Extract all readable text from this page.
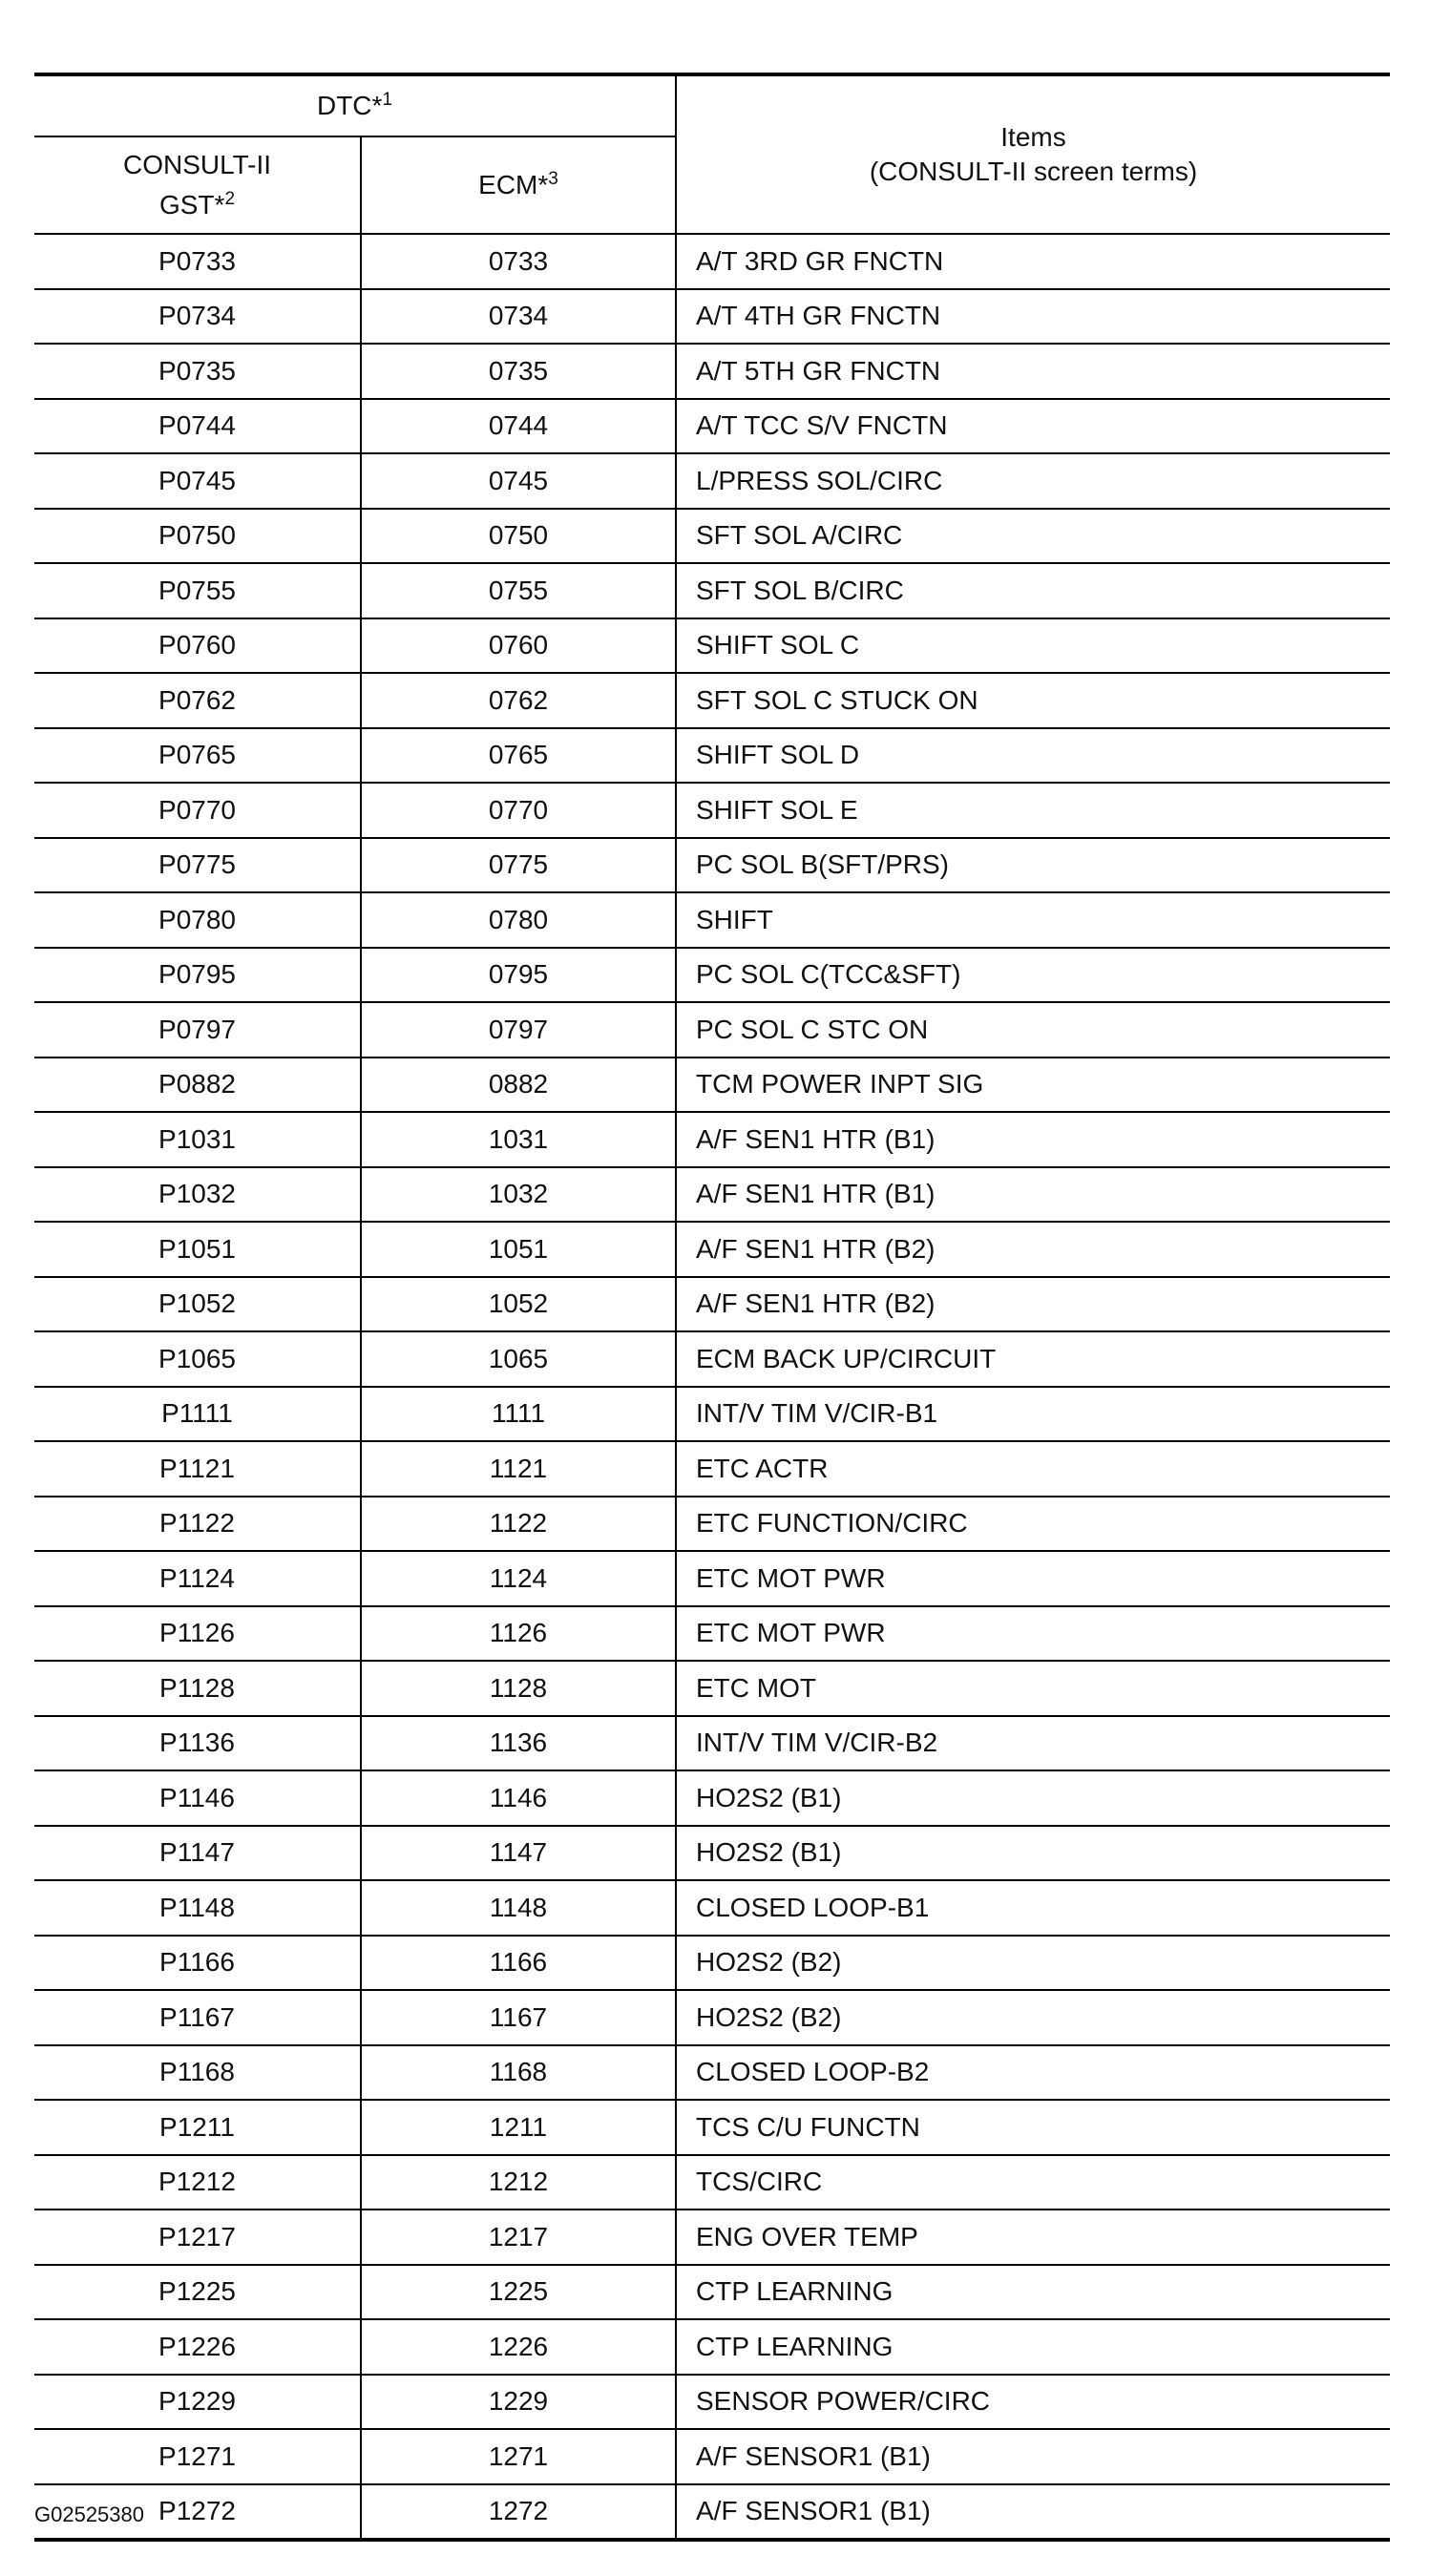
DTC*$^1$		Items
(CONSULT-II screen terms)

CONSULT-II
GST*$^2$	ECM*$^3$
P0733	0733	A/T 3RD GR FNCTN
P0734	0734	A/T 4TH GR FNCTN
P0735	0735	A/T 5TH GR FNCTN
P0744	0744	A/T TCC S/V FNCTN
P0745	0745	L/PRESS SOL/CIRC
P0750	0750	SFT SOL A/CIRC
P0755	0755	SFT SOL B/CIRC
P0760	0760	SHIFT SOL C
P0762	0762	SFT SOL C STUCK ON
P0765	0765	SHIFT SOL D
P0770	0770	SHIFT SOL E
P0775	0775	PC SOL B(SFT/PRS)
P0780	0780	SHIFT
P0795	0795	PC SOL C(TCC&SFT)
P0797	0797	PC SOL C STC ON
P0882	0882	TCM POWER INPT SIG
P1031	1031	A/F SEN1 HTR (B1)
P1032	1032	A/F SEN1 HTR (B1)
P1051	1051	A/F SEN1 HTR (B2)
P1052	1052	A/F SEN1 HTR (B2)
P1065	1065	ECM BACK UP/CIRCUIT
P1111	1111	INT/V TIM V/CIR-B1
P1121	1121	ETC ACTR
P1122	1122	ETC FUNCTION/CIRC
P1124	1124	ETC MOT PWR
P1126	1126	ETC MOT PWR
P1128	1128	ETC MOT
P1136	1136	INT/V TIM V/CIR-B2
P1146	1146	HO2S2 (B1)
P1147	1147	HO2S2 (B1)
P1148	1148	CLOSED LOOP-B1
P1166	1166	HO2S2 (B2)
P1167	1167	HO2S2 (B2)
P1168	1168	CLOSED LOOP-B2
P1211	1211	TCS C/U FUNCTN
P1212	1212	TCS/CIRC
P1217	1217	ENG OVER TEMP
P1225	1225	CTP LEARNING
P1226	1226	CTP LEARNING
P1229	1229	SENSOR POWER/CIRC
P1271	1271	A/F SENSOR1 (B1)
P1272	1272	A/F SENSOR1 (B1)
G02525380
